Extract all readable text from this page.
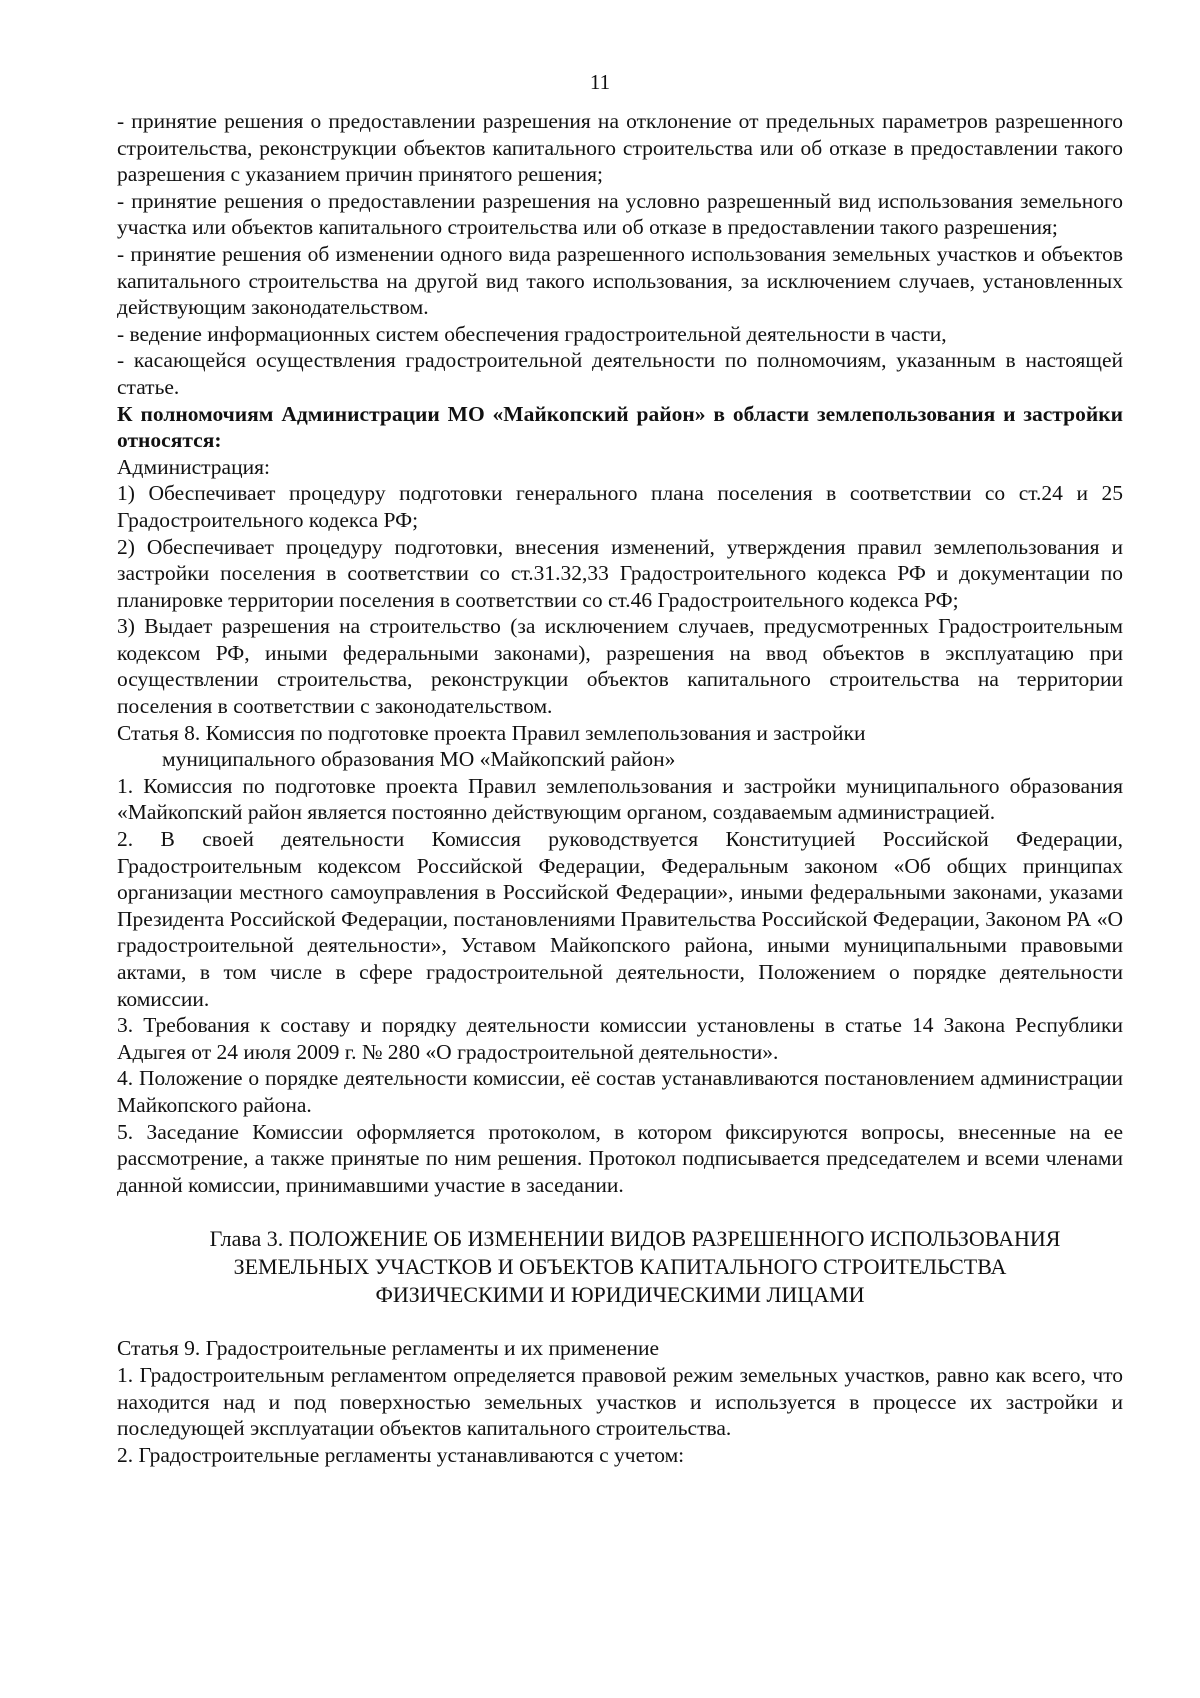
11

- принятие решения о предоставлении разрешения на отклонение от предельных параметров разрешенного строительства, реконструкции объектов капитального строительства или об отказе в предоставлении такого разрешения с указанием причин принятого решения;

- принятие решения о предоставлении разрешения на условно разрешенный вид использования земельного участка или объектов капитального строительства или об отказе в предоставлении такого разрешения;

- принятие решения об изменении одного вида разрешенного использования земельных участков и объектов капитального строительства на другой вид такого использования, за исключением случаев, установленных действующим законодательством.

- ведение информационных систем обеспечения градостроительной деятельности в части,

- касающейся осуществления градостроительной деятельности по полномочиям, указанным в настоящей статье.

К полномочиям Администрации МО «Майкопский район» в области землепользования и застройки относятся:

Администрация:

1) Обеспечивает процедуру подготовки генерального плана поселения в соответствии со ст.24 и 25 Градостроительного кодекса РФ;

2) Обеспечивает процедуру подготовки, внесения изменений, утверждения правил землепользования и застройки поселения в соответствии со ст.31.32,33 Градостроительного кодекса РФ и документации по планировке территории поселения в соответствии со ст.46 Градостроительного кодекса РФ;

3) Выдает разрешения на строительство (за исключением случаев, предусмотренных Градостроительным кодексом РФ, иными федеральными законами), разрешения на ввод объектов в эксплуатацию при осуществлении строительства, реконструкции объектов капитального строительства на территории поселения в соответствии с законодательством.

Статья 8. Комиссия по подготовке проекта Правил землепользования и застройки

муниципального образования МО «Майкопский район»

1. Комиссия по подготовке проекта Правил землепользования и застройки муниципального образования «Майкопский район является постоянно действующим органом, создаваемым администрацией.

2. В своей деятельности Комиссия руководствуется Конституцией Российской Федерации, Градостроительным кодексом Российской Федерации, Федеральным законом «Об общих принципах организации местного самоуправления в Российской Федерации», иными федеральными законами, указами Президента Российской Федерации, постановлениями Правительства Российской Федерации, Законом РА «О градостроительной деятельности», Уставом Майкопского района, иными муниципальными правовыми актами, в том числе в сфере градостроительной деятельности, Положением о порядке деятельности комиссии.

3. Требования к составу и порядку деятельности комиссии установлены в статье 14 Закона Республики Адыгея от 24 июля 2009 г. № 280 «О градостроительной деятельности».

4. Положение о порядке деятельности комиссии, её состав устанавливаются постановлением администрации Майкопского района.

5. Заседание Комиссии оформляется протоколом, в котором фиксируются вопросы, внесенные на ее рассмотрение, а также принятые по ним решения. Протокол подписывается председателем и всеми членами данной комиссии, принимавшими участие в заседании.

Глава 3. ПОЛОЖЕНИЕ ОБ ИЗМЕНЕНИИ ВИДОВ РАЗРЕШЕННОГО ИСПОЛЬЗОВАНИЯ
ЗЕМЕЛЬНЫХ УЧАСТКОВ И ОБЪЕКТОВ КАПИТАЛЬНОГО СТРОИТЕЛЬСТВА
ФИЗИЧЕСКИМИ И ЮРИДИЧЕСКИМИ ЛИЦАМИ

Статья 9. Градостроительные регламенты и их применение

1. Градостроительным регламентом определяется правовой режим земельных участков, равно как всего, что находится над и под поверхностью земельных участков и используется в процессе их застройки и последующей эксплуатации объектов капитального строительства.

2. Градостроительные регламенты устанавливаются с учетом:
